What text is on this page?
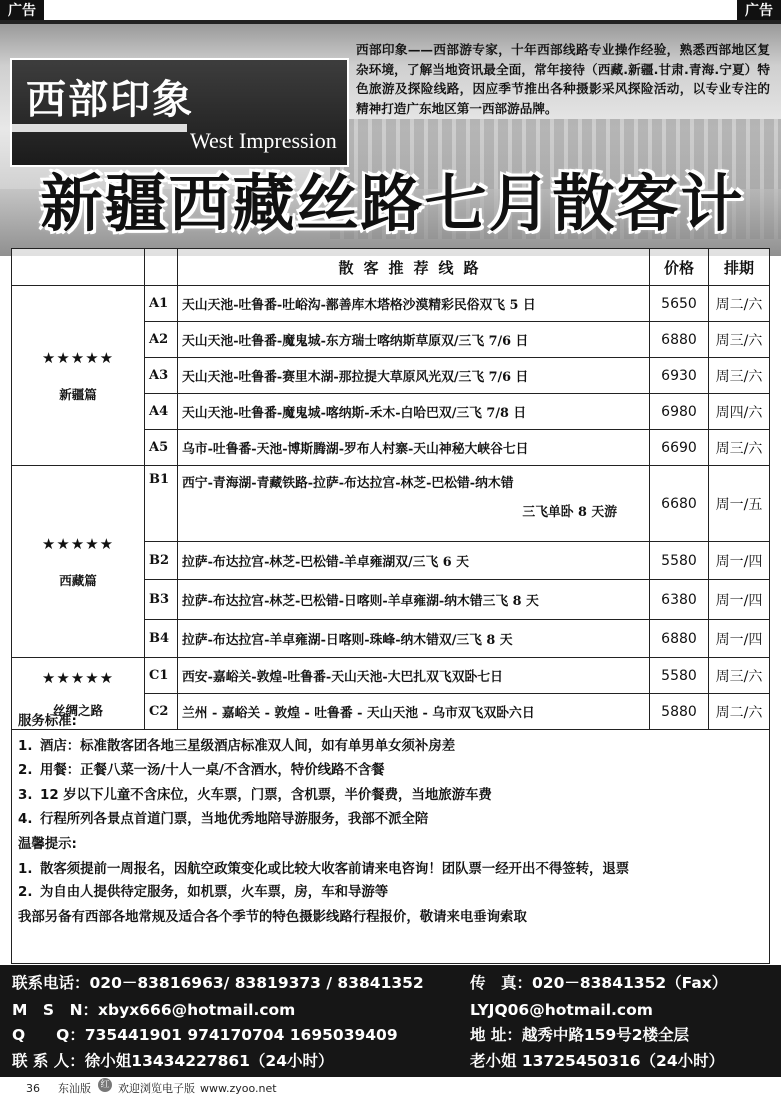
广告	广告
西部印象
West Impression
西部印象——西部游专家，十年西部线路专业操作经验，熟悉西部地区复杂环境，了解当地资讯最全面，常年接待（西藏.新疆.甘肃.青海.宁夏）特色旅游及探险线路，因应季节推出各种摄影采风探险活动，以专业专注的精神打造广东地区第一西部游品牌。
新疆西藏丝路七月散客计
		散客推荐线路	价格	排期

★★★★★
新疆篇	A1	天山天池-吐鲁番-吐峪沟-鄯善库木塔格沙漠精彩民俗双飞 5 日	5650	周二/六
	A2	天山天池-吐鲁番-魔鬼城-东方瑞士喀纳斯草原双/三飞 7/6 日	6880	周三/六
	A3	天山天池-吐鲁番-赛里木湖-那拉提大草原风光双/三飞 7/6 日	6930	周三/六
	A4	天山天池-吐鲁番-魔鬼城-喀纳斯-禾木-白哈巴双/三飞 7/8 日	6980	周四/六
	A5	乌市-吐鲁番-天池-博斯腾湖-罗布人村寨-天山神秘大峡谷七日	6690	周三/六

★★★★★
西藏篇	B1	西宁-青海湖-青藏铁路-拉萨-布达拉宫-林芝-巴松错-纳木错
三飞单卧 8 天游	6680	周一/五
	B2	拉萨-布达拉宫-林芝-巴松错-羊卓雍湖双/三飞 6 天	5580	周一/四
	B3	拉萨-布达拉宫-林芝-巴松错-日喀则-羊卓雍湖-纳木错三飞 8 天	6380	周一/四
	B4	拉萨-布达拉宫-羊卓雍湖-日喀则-珠峰-纳木错双/三飞 8 天	6880	周一/四

★★★★★
丝绸之路	C1	西安-嘉峪关-敦煌-吐鲁番-天山天池-大巴扎双飞双卧七日	5580	周三/六
	C2	兰州 - 嘉峪关 - 敦煌 - 吐鲁番 - 天山天池 - 乌市双飞双卧六日	5880	周二/六
服务标准:
1. 酒店：标准散客团各地三星级酒店标准双人间，如有单男单女须补房差
2. 用餐：正餐八菜一汤/十人一桌/不含酒水，特价线路不含餐
3. 12 岁以下儿童不含床位，火车票，门票，含机票，半价餐费，当地旅游车费
4. 行程所列各景点首道门票，当地优秀地陪导游服务，我部不派全陪
温馨提示:
1. 散客须提前一周报名，因航空政策变化或比较大收客前请来电咨询！团队票一经开出不得签转，退票
2. 为自由人提供待定服务，如机票，火车票，房，车和导游等
我部另备有西部各地常规及适合各个季节的特色摄影线路行程报价，敬请来电垂询索取
联系电话：020－83816963/ 83819373 / 83841352	传　真：020－83841352（Fax）
M　S　N：xbyx666@hotmail.com	LYJQ06@hotmail.com
Q　　Q：735441901 974170704 1695039409	地 址：越秀中路159号2楼全层
联 系 人：徐小姐13434227861（24小时）	老小姐 13725450316（24小时）
36 东汕版 红 欢迎浏览电子版 www.zyoo.net
